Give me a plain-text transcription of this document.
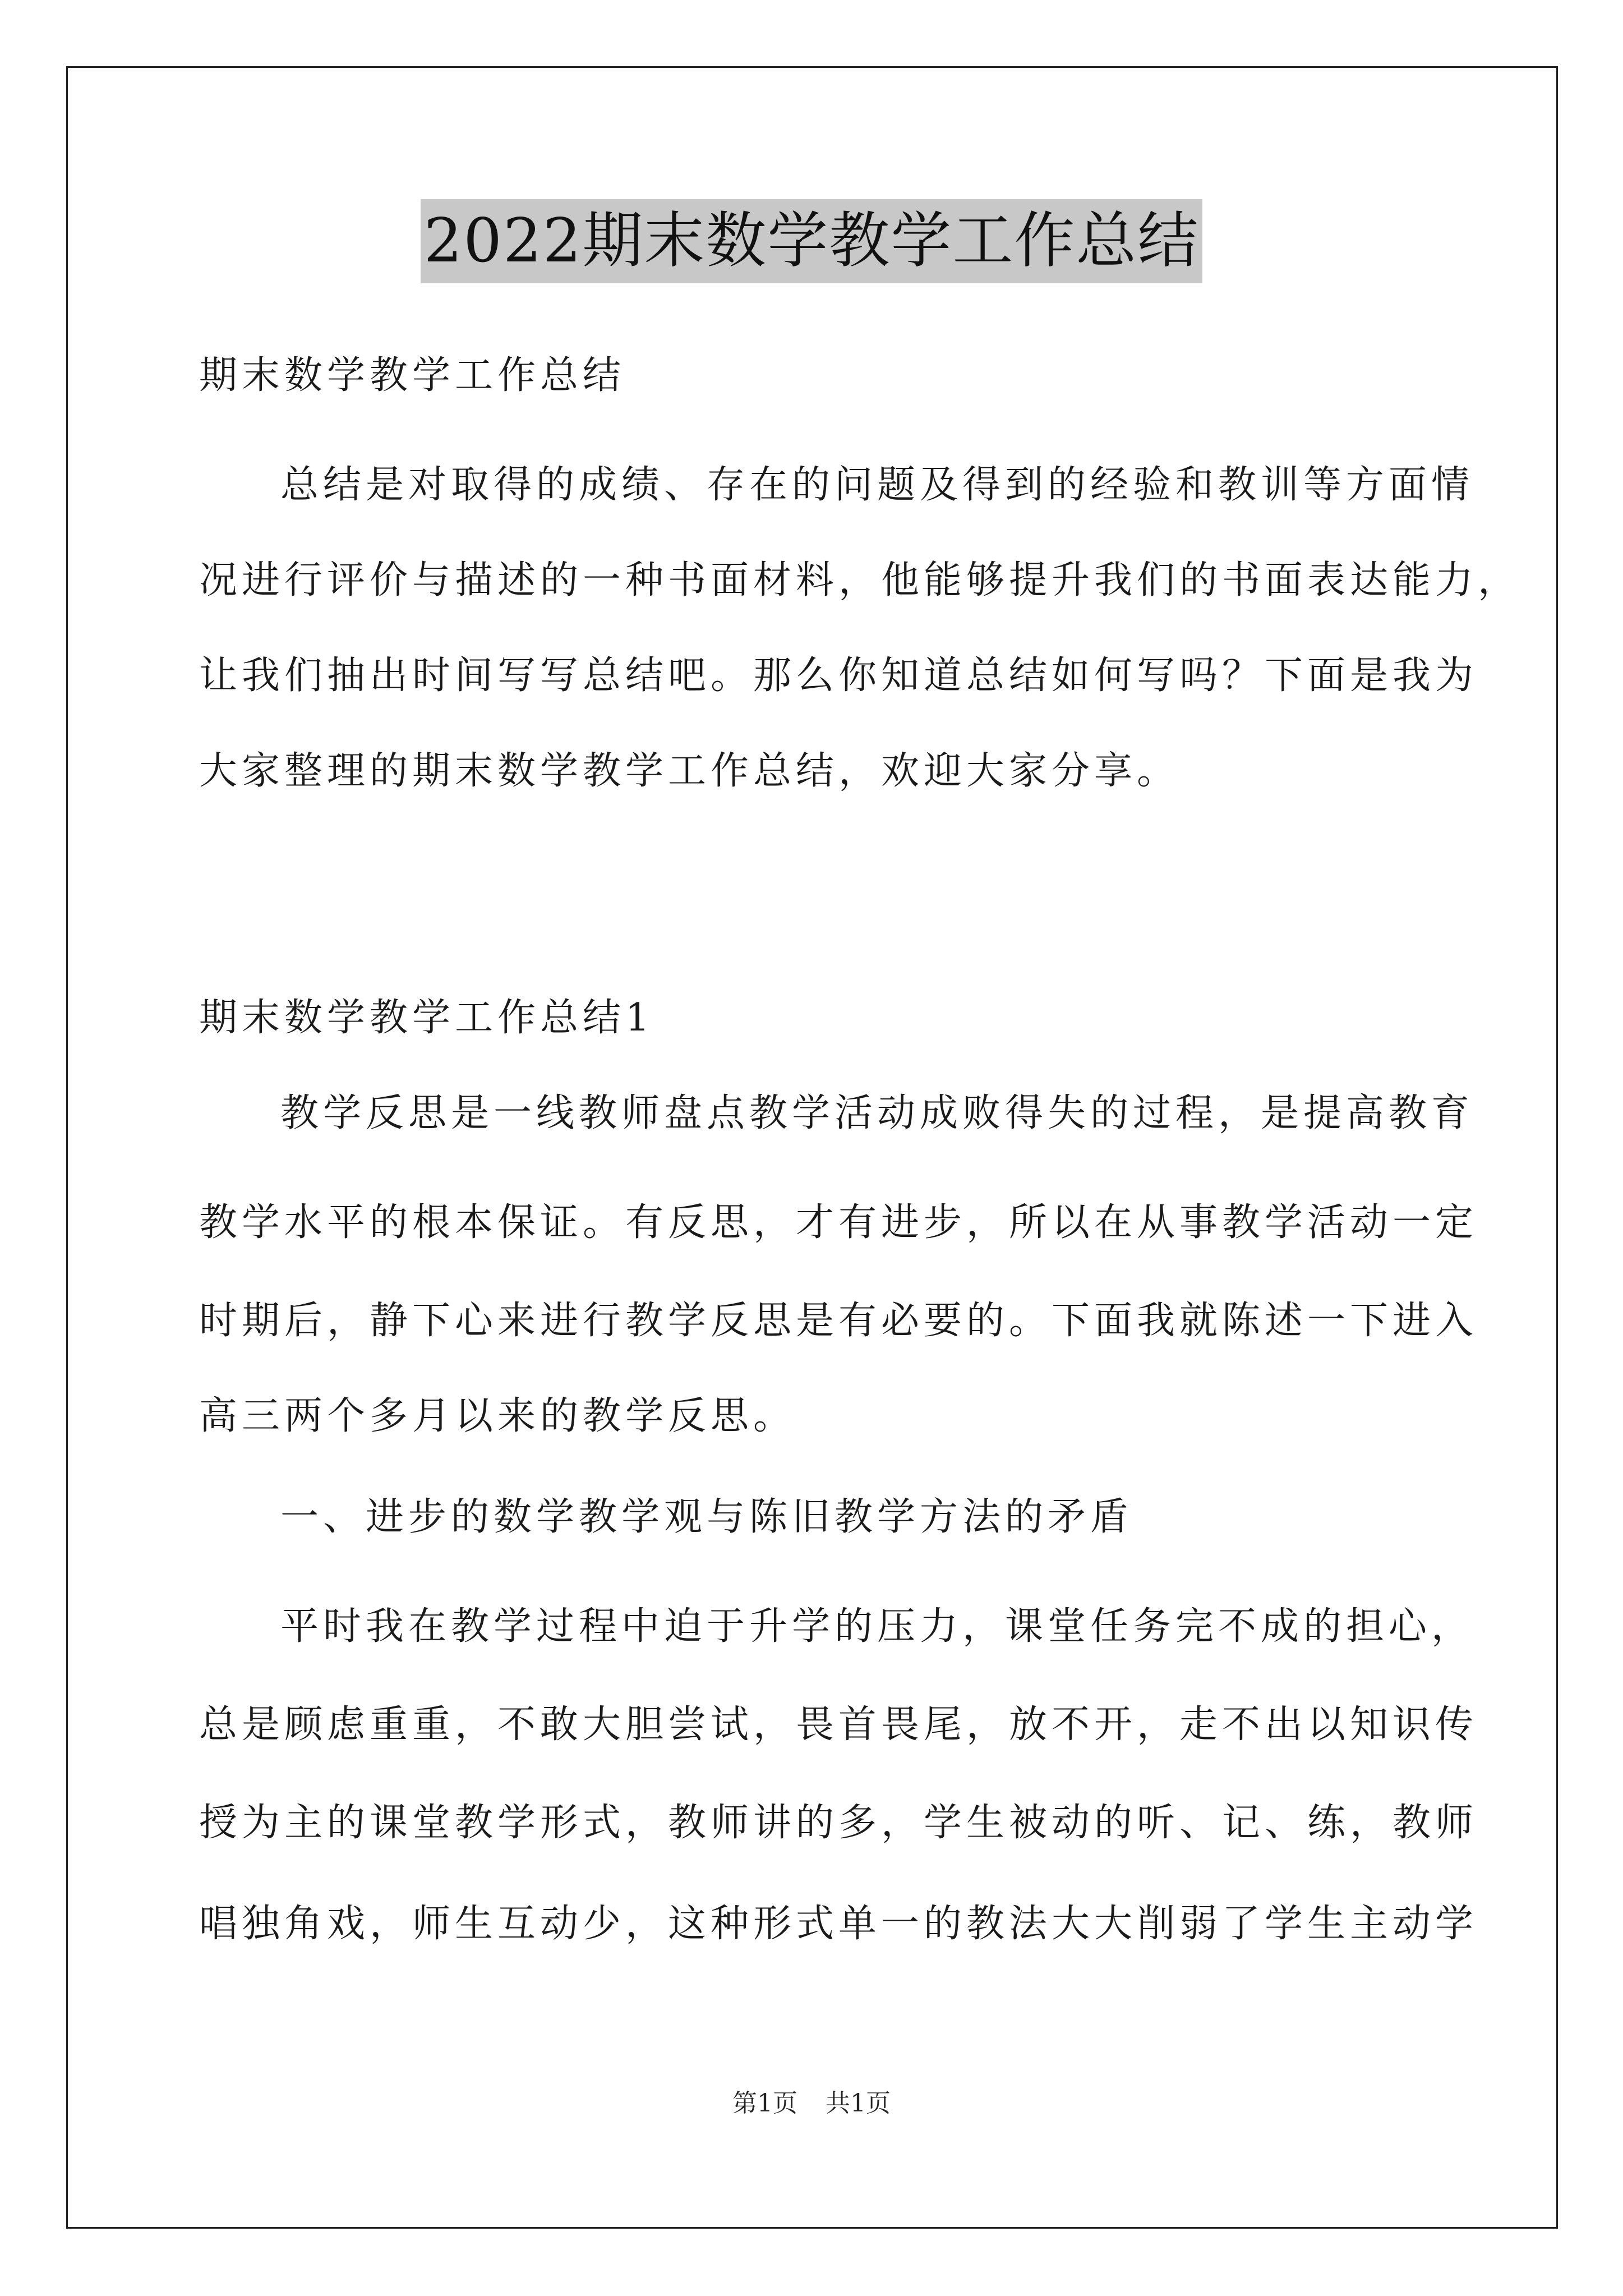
2022期末数学教学工作总结
期末数学教学工作总结
总结是对取得的成绩、存在的问题及得到的经验和教训等方面情
况进行评价与描述的一种书面材料，他能够提升我们的书面表达能力，
让我们抽出时间写写总结吧。那么你知道总结如何写吗？下面是我为
大家整理的期末数学教学工作总结，欢迎大家分享。
期末数学教学工作总结1
教学反思是一线教师盘点教学活动成败得失的过程，是提高教育
教学水平的根本保证。有反思，才有进步，所以在从事教学活动一定
时期后，静下心来进行教学反思是有必要的。下面我就陈述一下进入
高三两个多月以来的教学反思。
一、进步的数学教学观与陈旧教学方法的矛盾
平时我在教学过程中迫于升学的压力，课堂任务完不成的担心，
总是顾虑重重，不敢大胆尝试，畏首畏尾，放不开，走不出以知识传
授为主的课堂教学形式，教师讲的多，学生被动的听、记、练，教师
唱独角戏，师生互动少，这种形式单一的教法大大削弱了学生主动学
第1页 共1页
